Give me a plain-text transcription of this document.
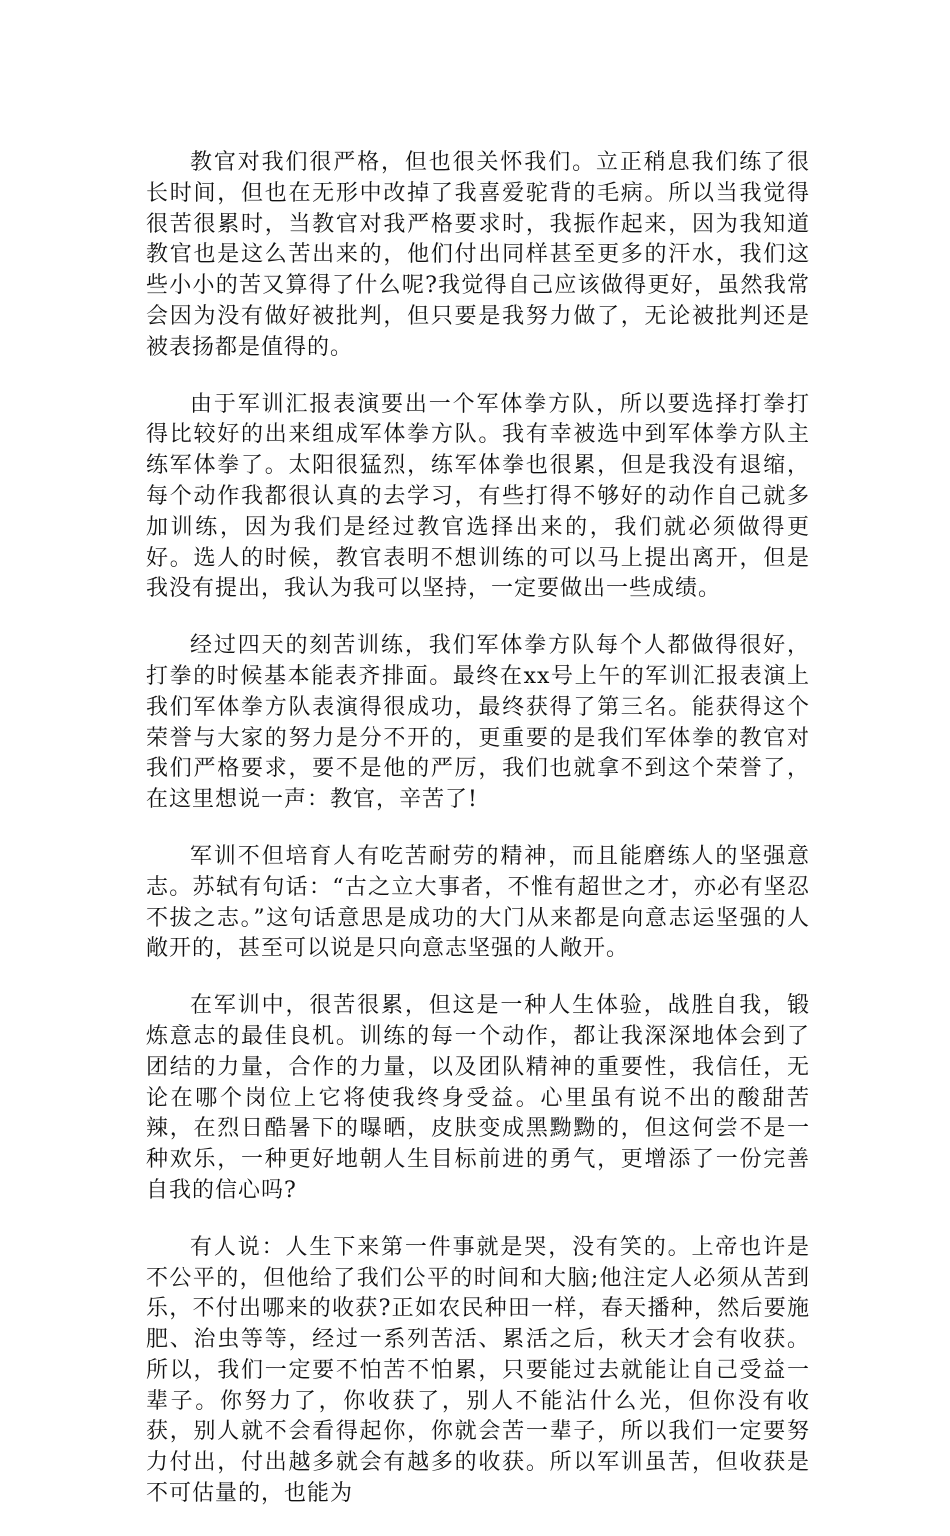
教官对我们很严格，但也很关怀我们。立正稍息我们练了很长时间，但也在无形中改掉了我喜爱驼背的毛病。所以当我觉得很苦很累时，当教官对我严格要求时，我振作起来，因为我知道教官也是这么苦出来的，他们付出同样甚至更多的汗水，我们这些小小的苦又算得了什么呢?我觉得自己应该做得更好，虽然我常会因为没有做好被批判，但只要是我努力做了，无论被批判还是被表扬都是值得的。

由于军训汇报表演要出一个军体拳方队，所以要选择打拳打得比较好的出来组成军体拳方队。我有幸被选中到军体拳方队主练军体拳了。太阳很猛烈，练军体拳也很累，但是我没有退缩，每个动作我都很认真的去学习，有些打得不够好的动作自己就多加训练，因为我们是经过教官选择出来的，我们就必须做得更好。选人的时候，教官表明不想训练的可以马上提出离开，但是我没有提出，我认为我可以坚持，一定要做出一些成绩。

经过四天的刻苦训练，我们军体拳方队每个人都做得很好，打拳的时候基本能表齐排面。最终在xx号上午的军训汇报表演上我们军体拳方队表演得很成功，最终获得了第三名。能获得这个荣誉与大家的努力是分不开的，更重要的是我们军体拳的教官对我们严格要求，要不是他的严厉，我们也就拿不到这个荣誉了，在这里想说一声：教官，辛苦了!

军训不但培育人有吃苦耐劳的精神，而且能磨练人的坚强意志。苏轼有句话：“古之立大事者，不惟有超世之才，亦必有坚忍不拔之志。”这句话意思是成功的大门从来都是向意志运坚强的人敞开的，甚至可以说是只向意志坚强的人敞开。

在军训中，很苦很累，但这是一种人生体验，战胜自我，锻炼意志的最佳良机。训练的每一个动作，都让我深深地体会到了团结的力量，合作的力量，以及团队精神的重要性，我信任，无论在哪个岗位上它将使我终身受益。心里虽有说不出的酸甜苦辣，在烈日酷暑下的曝晒，皮肤变成黑黝黝的，但这何尝不是一种欢乐，一种更好地朝人生目标前进的勇气，更增添了一份完善自我的信心吗?

有人说：人生下来第一件事就是哭，没有笑的。上帝也许是不公平的，但他给了我们公平的时间和大脑;他注定人必须从苦到乐，不付出哪来的收获?正如农民种田一样，春天播种，然后要施肥、治虫等等，经过一系列苦活、累活之后，秋天才会有收获。所以，我们一定要不怕苦不怕累，只要能过去就能让自己受益一辈子。你努力了，你收获了，别人不能沾什么光，但你没有收获，别人就不会看得起你，你就会苦一辈子，所以我们一定要努力付出，付出越多就会有越多的收获。所以军训虽苦，但收获是不可估量的，也能为
